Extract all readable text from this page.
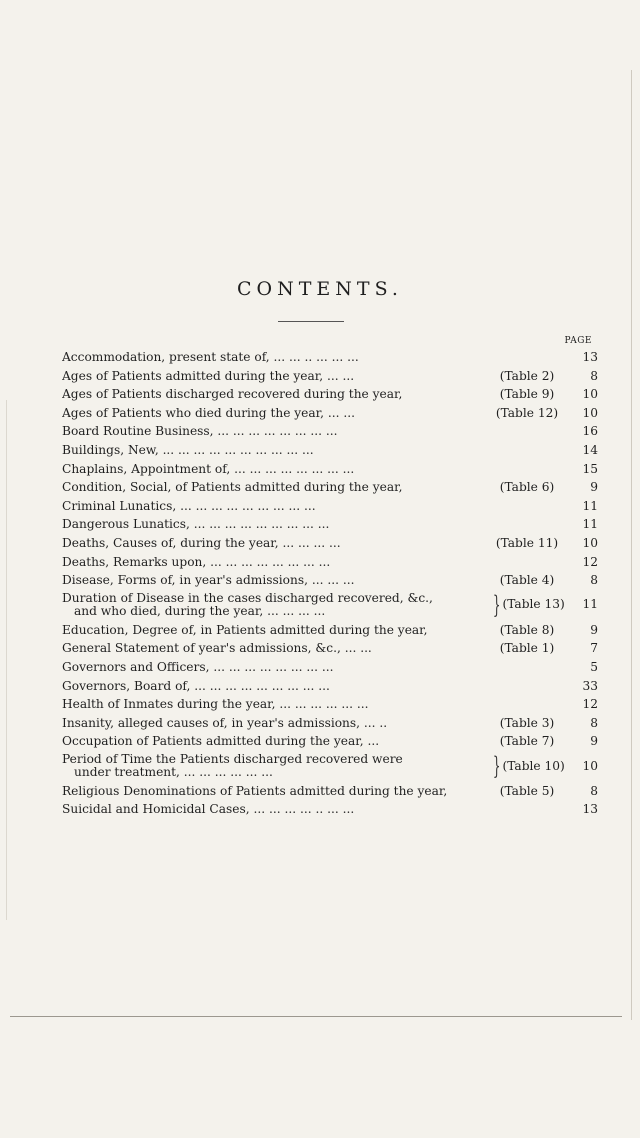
CONTENTS.
PAGE
Accommodation, present state of, ... ... .. ... ... ...	13
Ages of Patients admitted during the year, ... ...	(Table 2)	8
Ages of Patients discharged recovered during the year,	(Table 9)	10
Ages of Patients who died during the year, ... ...	(Table 12)	10
Board Routine Business, ... ... ... ... ... ... ... ...	16
Buildings, New, ... ... ... ... ... ... ... ... ... ...	14
Chaplains, Appointment of, ... ... ... ... ... ... ... ...	15
Condition, Social, of Patients admitted during the year,	(Table 6)	9
Criminal Lunatics, ... ... ... ... ... ... ... ... ...	11
Dangerous Lunatics, ... ... ... ... ... ... ... ... ...	11
Deaths, Causes of, during the year, ... ... ... ...	(Table 11)	10
Deaths, Remarks upon, ... ... ... ... ... ... ... ...	12
Disease, Forms of, in year's admissions, ... ... ...	(Table 4)	8
Duration of Disease in the cases discharged recovered, &c.,
and who died, during the year, ... ... ... ...	} (Table 13)	11
Education, Degree of, in Patients admitted during the year,	(Table 8)	9
General Statement of year's admissions, &c., ... ...	(Table 1)	7
Governors and Officers, ... ... ... ... ... ... ... ...	5
Governors, Board of, ... ... ... ... ... ... ... ... ...	33
Health of Inmates during the year, ... ... ... ... ... ...	12
Insanity, alleged causes of, in year's admissions, ... ..	(Table 3)	8
Occupation of Patients admitted during the year, ...	(Table 7)	9
Period of Time the Patients discharged recovered were
under treatment, ... ... ... ... ... ...	} (Table 10)	10
Religious Denominations of Patients admitted during the year,	(Table 5)	8
Suicidal and Homicidal Cases, ... ... ... ... .. ... ...	13
